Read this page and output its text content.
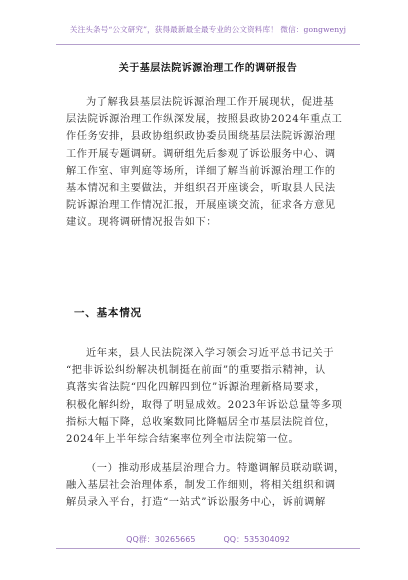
关注头条号“公文研究”，获得最新最全最专业的公文资料库！ 微信：gongwenyj
关于基层法院诉源治理工作的调研报告
为了解我县基层法院诉源治理工作开展现状，促进基
层法院诉源治理工作纵深发展，按照县政协2024年重点工
作任务安排，县政协组织政协委员围绕基层法院诉源治理
工作开展专题调研。调研组先后参观了诉讼服务中心、调
解工作室、审判庭等场所，详细了解当前诉源治理工作的
基本情况和主要做法，并组织召开座谈会，听取县人民法
院诉源治理工作情况汇报，开展座谈交流，征求各方意见
建议。现将调研情况报告如下：
一、基本情况
近年来，县人民法院深入学习领会习近平总书记关于
“把非诉讼纠纷解决机制挺在前面”的重要指示精神，认
真落实省法院“四化四解四到位”诉源治理新格局要求，
积极化解纠纷，取得了明显成效。2023年诉讼总量等多项
指标大幅下降，总收案数同比降幅居全市基层法院首位，
2024年上半年综合结案率位列全市法院第一位。
（一）推动形成基层治理合力。特邀调解员联动联调，
融入基层社会治理体系，制发工作细则，将相关组织和调
解员录入平台，打造“一站式”诉讼服务中心，诉前调解
QQ群：30265665	QQ：535304092
